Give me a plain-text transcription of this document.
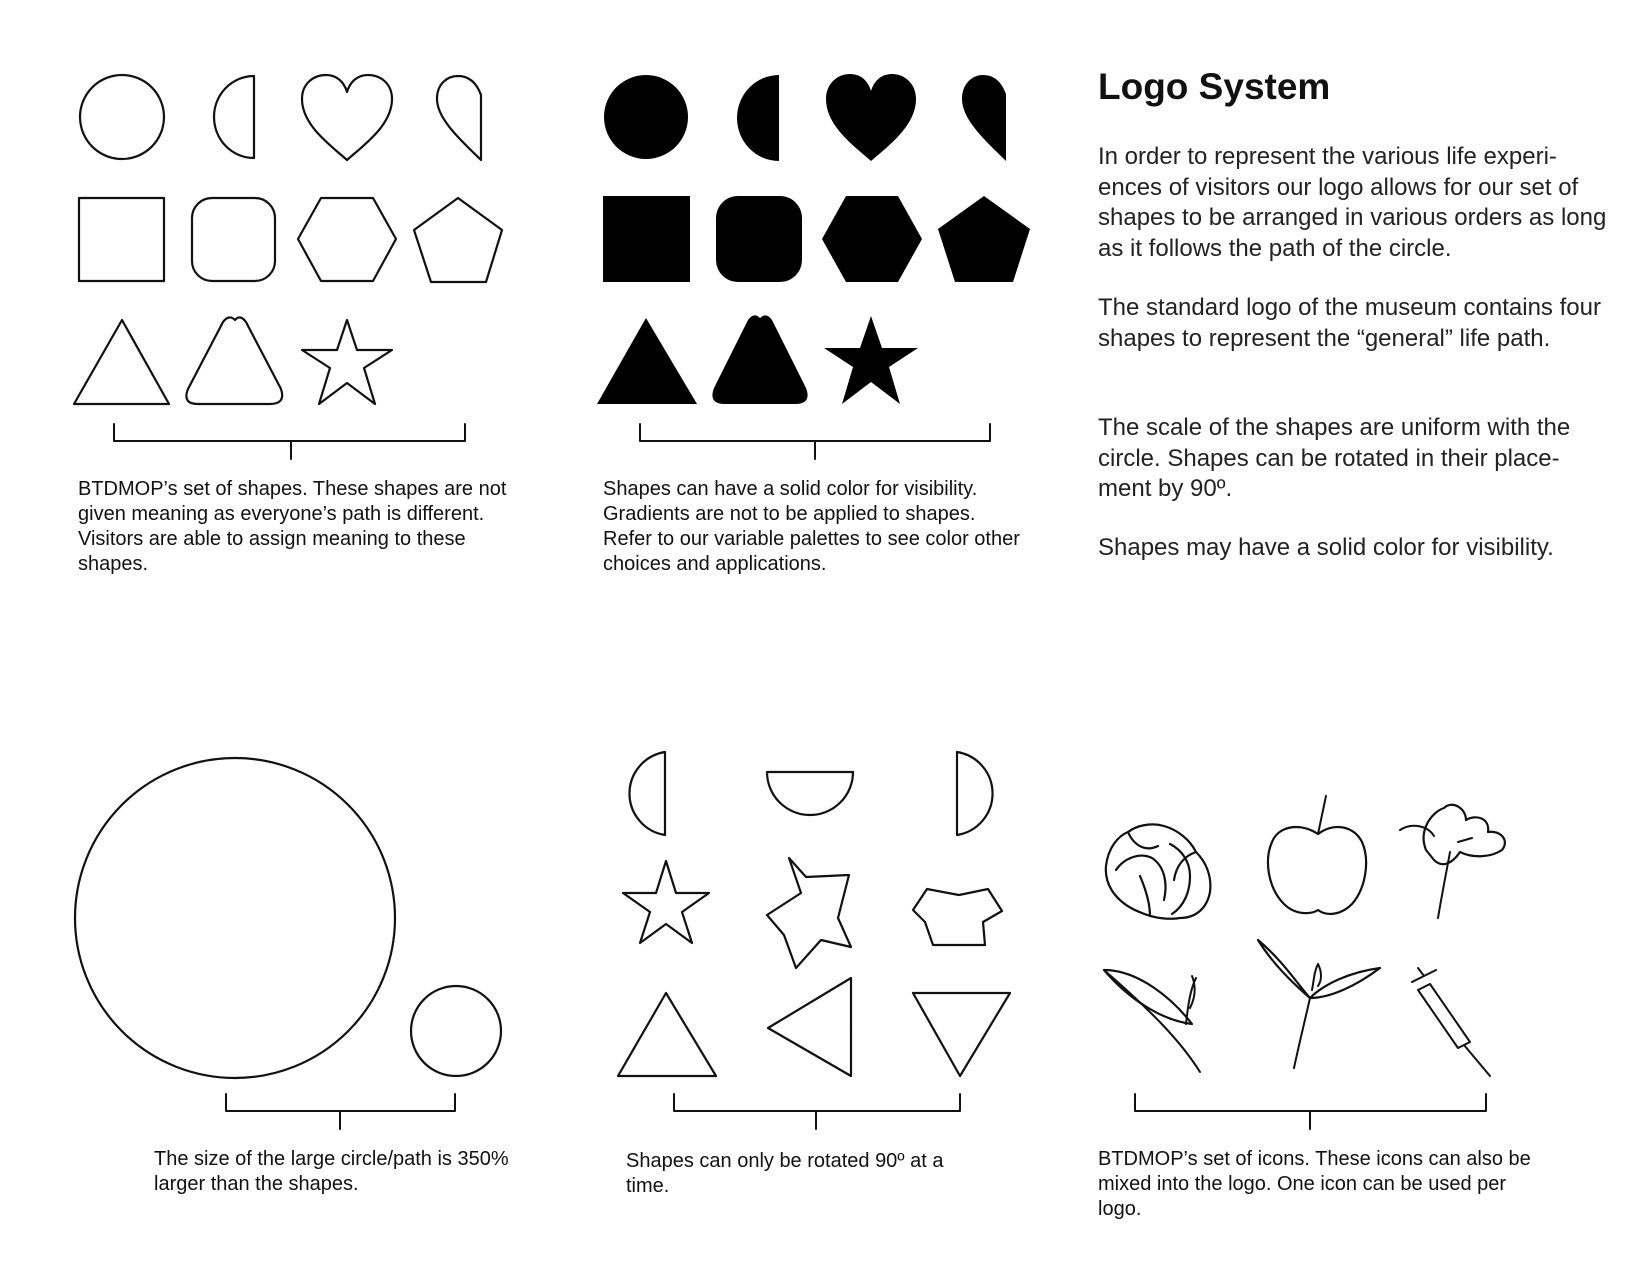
Logo System

In order to represent the various life experi-ences of visitors our logo allows for our set of shapes to be arranged in various orders as long as it follows the path of the circle.

The standard logo of the museum contains four shapes to represent the “general” life path.

The scale of the shapes are uniform with the circle. Shapes can be rotated in their place-ment by 90º.

Shapes may have a solid color for visibility.

BTDMOP’s set of shapes. These shapes are not given meaning as everyone’s path is different. Visitors are able to assign meaning to these shapes.

Shapes can have a solid color for visibility. Gradients are not to be applied to shapes. Refer to our variable palettes to see color other choices and applications.

The size of the large circle/path is 350% larger than the shapes.

Shapes can only be rotated 90º at a time.

BTDMOP’s set of icons. These icons can also be mixed into the logo. One icon can be used per logo.
